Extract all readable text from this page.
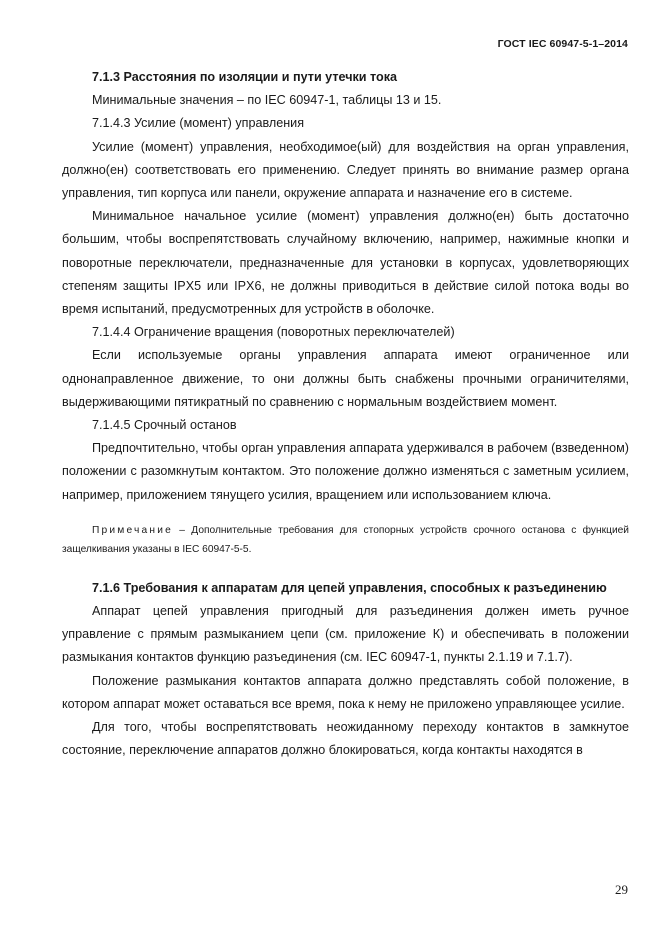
ГОСТ IEC 60947-5-1–2014

7.1.3 Расстояния по изоляции и пути утечки тока

Минимальные значения – по IEC 60947-1, таблицы 13 и 15.

7.1.4.3 Усилие (момент) управления

Усилие (момент) управления, необходимое(ый) для воздействия на орган управления, должно(ен) соответствовать его применению. Следует принять во внимание размер органа управления, тип корпуса или панели, окружение аппарата и назначение его в системе.

Минимальное начальное усилие (момент) управления должно(ен) быть достаточно большим, чтобы воспрепятствовать случайному включению, например, нажимные кнопки и поворотные переключатели, предназначенные для установки в корпусах, удовлетворяющих степеням защиты IPX5 или IPX6, не должны приводиться в действие силой потока воды во время испытаний, предусмотренных для устройств в оболочке.

7.1.4.4 Ограничение вращения (поворотных переключателей)

Если используемые органы управления аппарата имеют ограниченное или однонаправленное движение, то они должны быть снабжены прочными ограничителями, выдерживающими пятикратный по сравнению с нормальным воздействием момент.

7.1.4.5 Срочный останов

Предпочтительно, чтобы орган управления аппарата удерживался в рабочем (взведенном) положении с разомкнутым контактом. Это положение должно изменяться с заметным усилием, например, приложением тянущего усилия, вращением или использованием ключа.

Примечание – Дополнительные требования для стопорных устройств срочного останова с функцией защелкивания указаны в IEC 60947-5-5.

7.1.6 Требования к аппаратам для цепей управления, способных к разъединению

Аппарат цепей управления пригодный для разъединения должен иметь ручное управление с прямым размыканием цепи (см. приложение К) и обеспечивать в положении размыкания контактов функцию разъединения (см. IEC 60947-1, пункты 2.1.19 и 7.1.7).

Положение размыкания контактов аппарата должно представлять собой положение, в котором аппарат может оставаться все время, пока к нему не приложено управляющее усилие.

Для того, чтобы воспрепятствовать неожиданному переходу контактов в замкнутое состояние, переключение аппаратов должно блокироваться, когда контакты находятся в

29
